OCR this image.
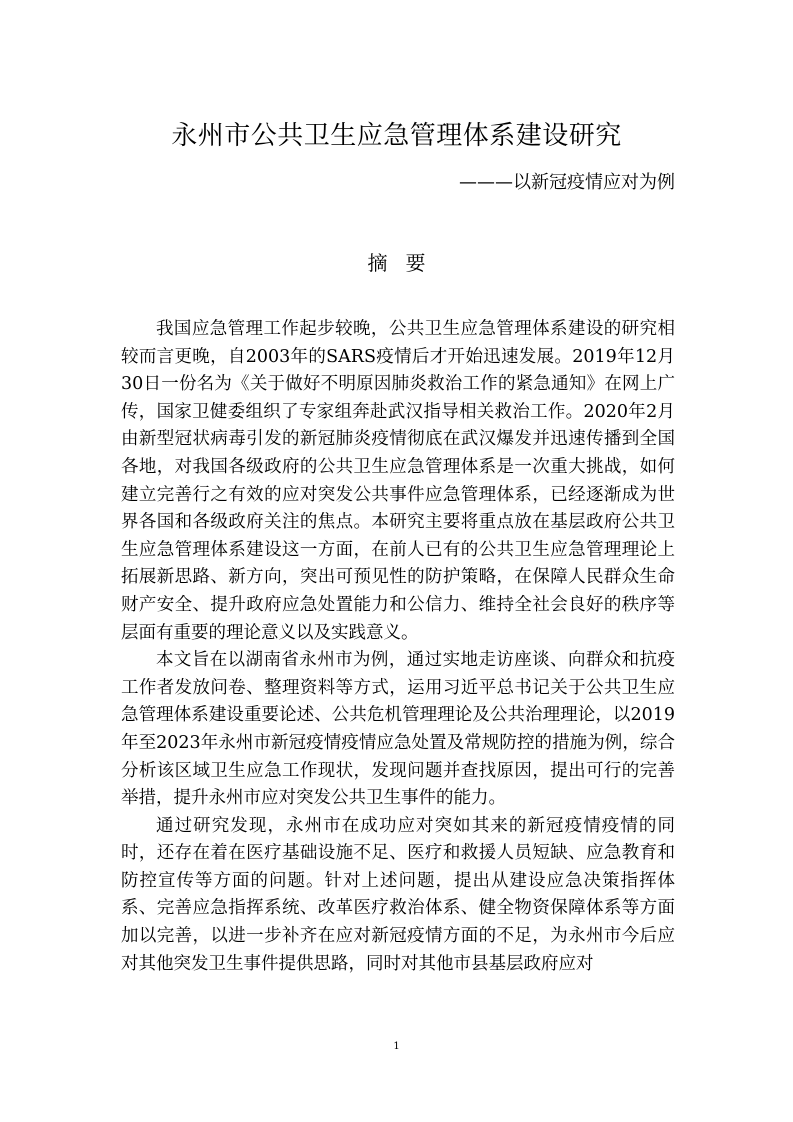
永州市公共卫生应急管理体系建设研究
———以新冠疫情应对为例
摘要

我国应急管理工作起步较晚，公共卫生应急管理体系建设的研究相较而言更晚，自2003年的SARS疫情后才开始迅速发展。2019年12月30日一份名为《关于做好不明原因肺炎救治工作的紧急通知》在网上广传，国家卫健委组织了专家组奔赴武汉指导相关救治工作。2020年2月由新型冠状病毒引发的新冠肺炎疫情彻底在武汉爆发并迅速传播到全国各地，对我国各级政府的公共卫生应急管理体系是一次重大挑战，如何建立完善行之有效的应对突发公共事件应急管理体系，已经逐渐成为世界各国和各级政府关注的焦点。本研究主要将重点放在基层政府公共卫生应急管理体系建设这一方面，在前人已有的公共卫生应急管理理论上拓展新思路、新方向，突出可预见性的防护策略，在保障人民群众生命财产安全、提升政府应急处置能力和公信力、维持全社会良好的秩序等层面有重要的理论意义以及实践意义。

本文旨在以湖南省永州市为例，通过实地走访座谈、向群众和抗疫工作者发放问卷、整理资料等方式，运用习近平总书记关于公共卫生应急管理体系建设重要论述、公共危机管理理论及公共治理理论，以2019年至2023年永州市新冠疫情疫情应急处置及常规防控的措施为例，综合分析该区域卫生应急工作现状，发现问题并查找原因，提出可行的完善举措，提升永州市应对突发公共卫生事件的能力。

通过研究发现，永州市在成功应对突如其来的新冠疫情疫情的同时，还存在着在医疗基础设施不足、医疗和救援人员短缺、应急教育和防控宣传等方面的问题。针对上述问题，提出从建设应急决策指挥体系、完善应急指挥系统、改革医疗救治体系、健全物资保障体系等方面加以完善，以进一步补齐在应对新冠疫情方面的不足，为永州市今后应对其他突发卫生事件提供思路，同时对其他市县基层政府应对

1
